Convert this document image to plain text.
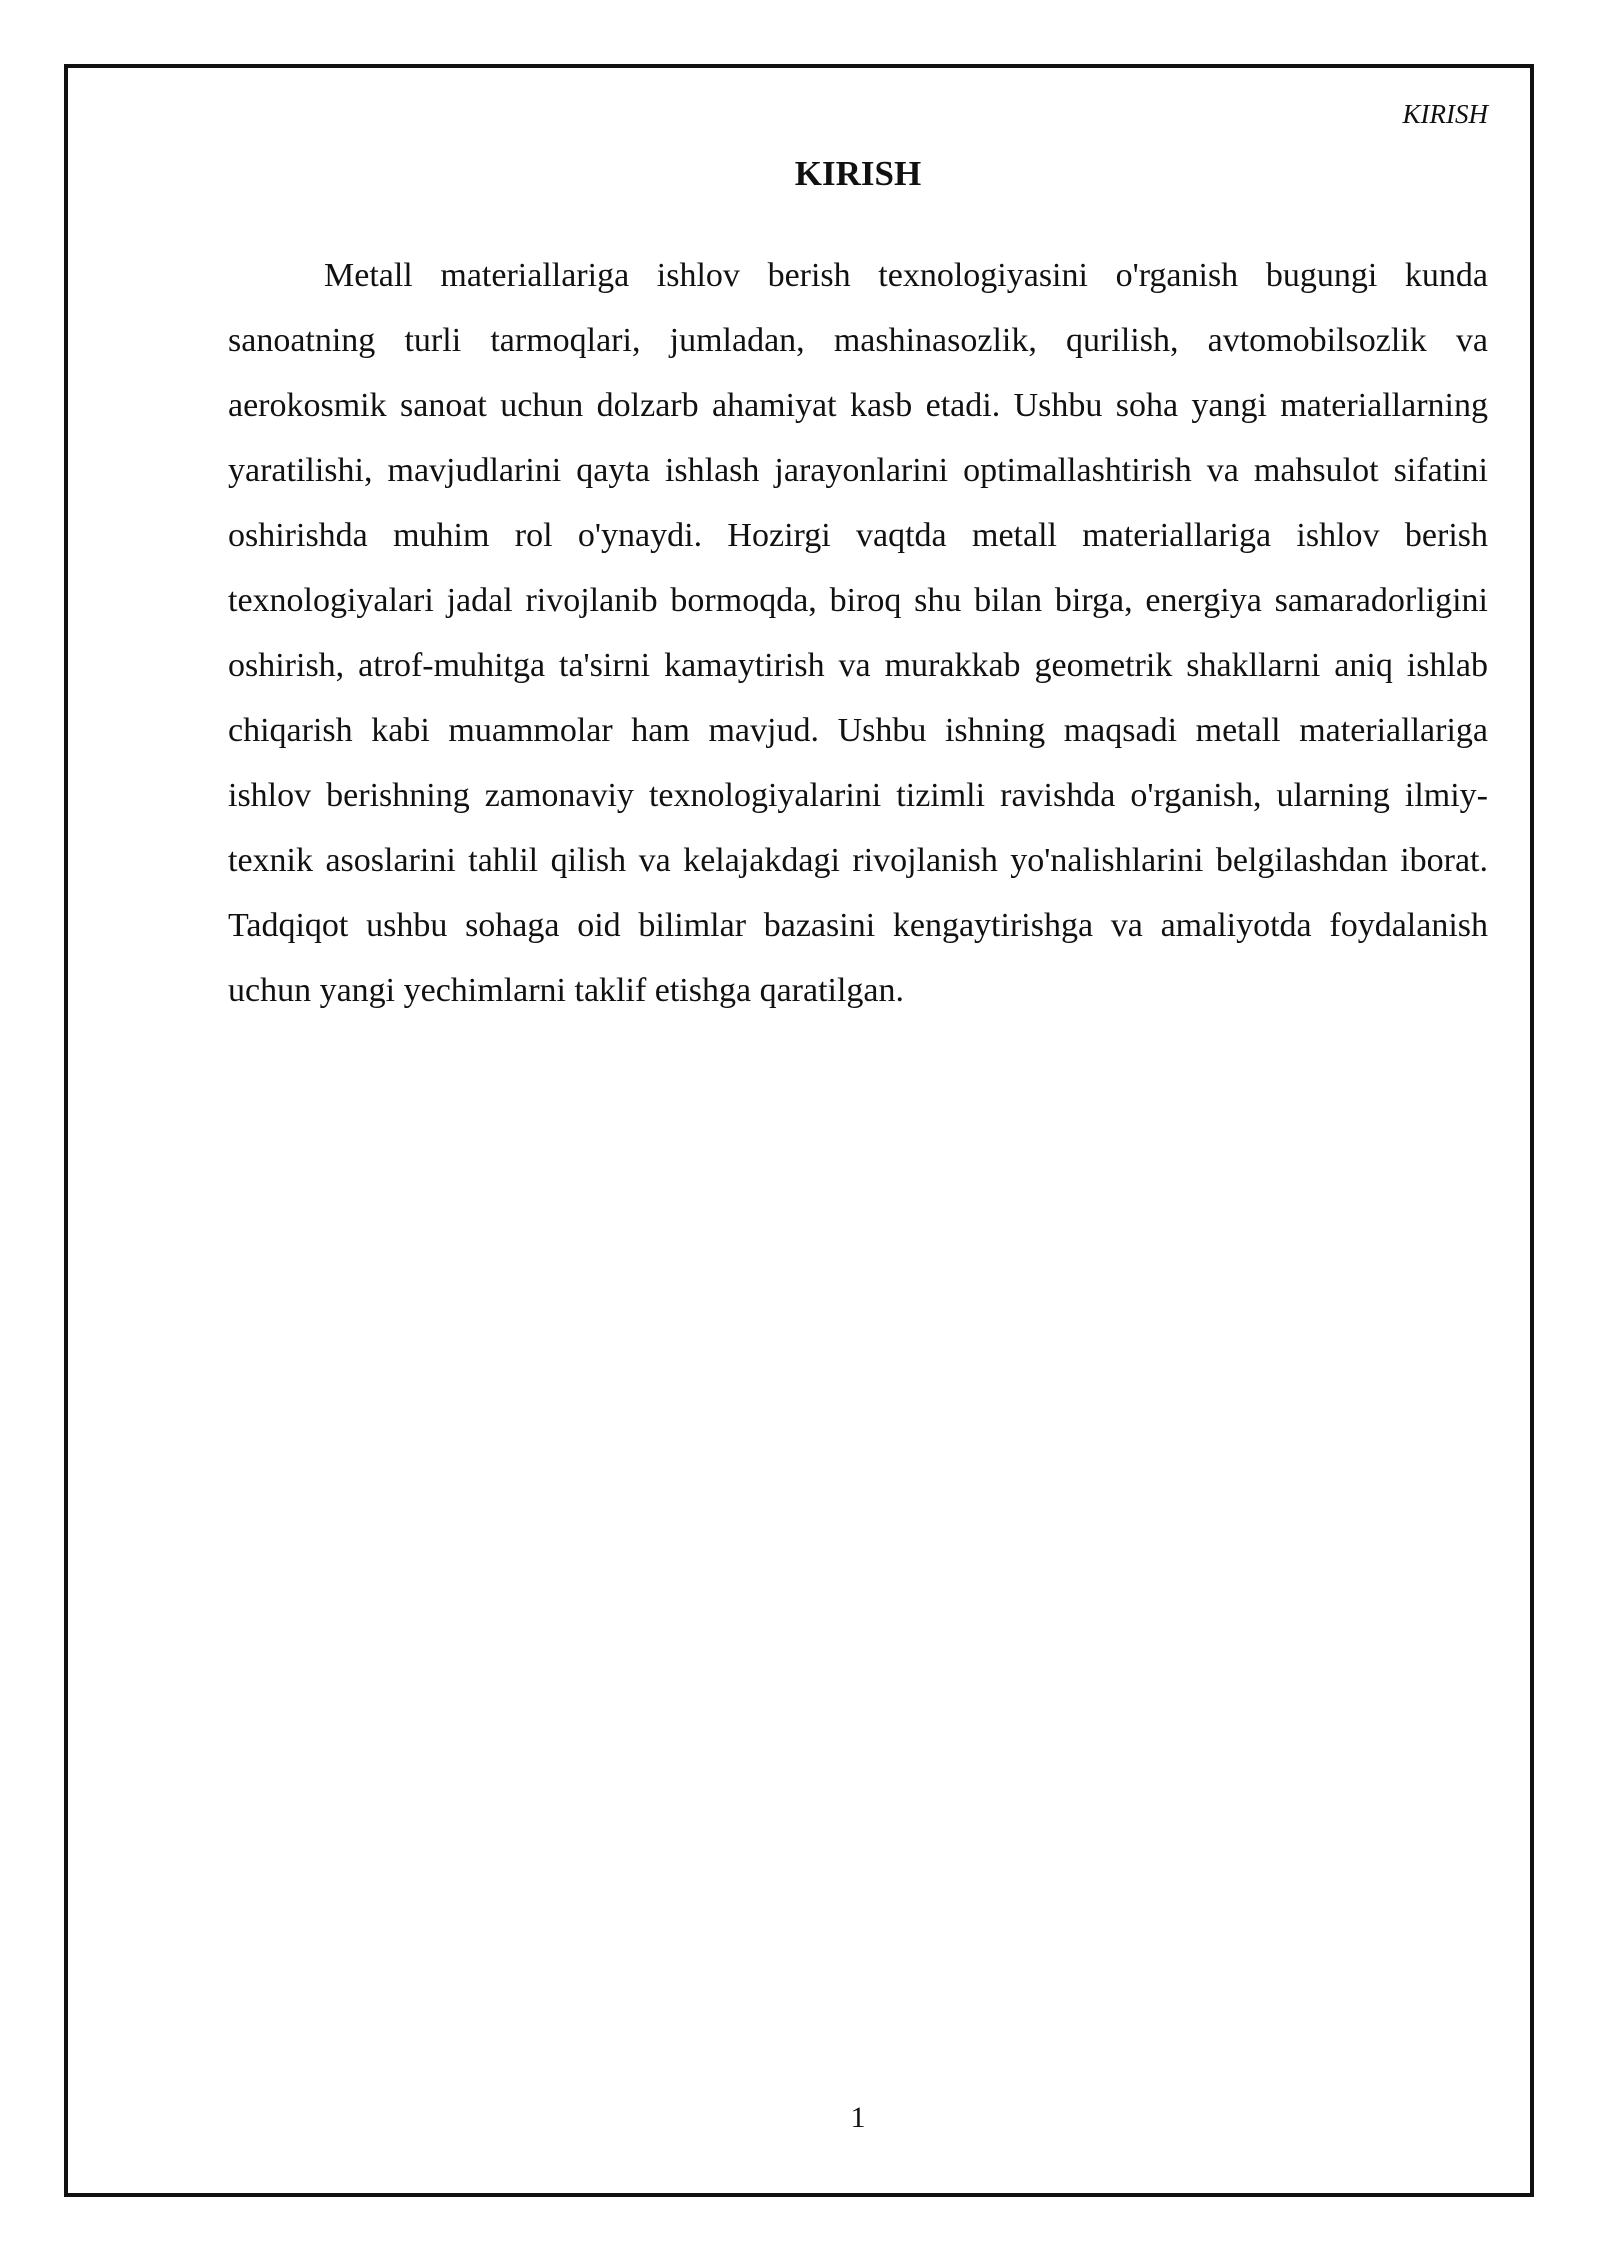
KIRISH
KIRISH

Metall materiallariga ishlov berish texnologiyasini o'rganish bugungi kunda sanoatning turli tarmoqlari, jumladan, mashinasozlik, qurilish, avtomobilsozlik va aerokosmik sanoat uchun dolzarb ahamiyat kasb etadi. Ushbu soha yangi materiallarning yaratilishi, mavjudlarini qayta ishlash jarayonlarini optimallashtirish va mahsulot sifatini oshirishda muhim rol o'ynaydi. Hozirgi vaqtda metall materiallariga ishlov berish texnologiyalari jadal rivojlanib bormoqda, biroq shu bilan birga, energiya samaradorligini oshirish, atrof-muhitga ta'sirni kamaytirish va murakkab geometrik shakllarni aniq ishlab chiqarish kabi muammolar ham mavjud. Ushbu ishning maqsadi metall materiallariga ishlov berishning zamonaviy texnologiyalarini tizimli ravishda o'rganish, ularning ilmiy-texnik asoslarini tahlil qilish va kelajakdagi rivojlanish yo'nalishlarini belgilashdan iborat. Tadqiqot ushbu sohaga oid bilimlar bazasini kengaytirishga va amaliyotda foydalanish uchun yangi yechimlarni taklif etishga qaratilgan.

1
